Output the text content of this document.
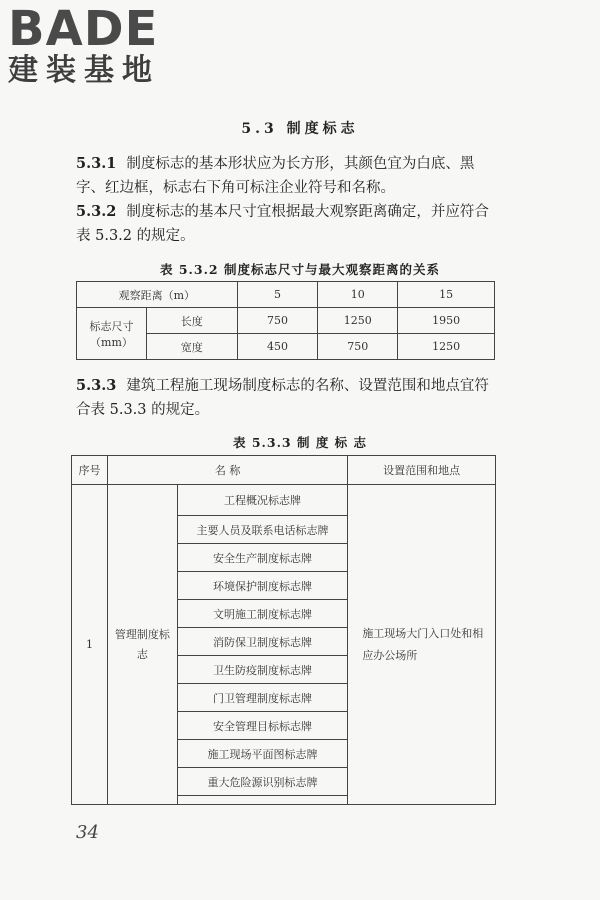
BADE
建装基地
5.3 制度标志
5.3.1 制度标志的基本形状应为长方形，其颜色宜为白底、黑字、红边框，标志右下角可标注企业符号和名称。
5.3.2 制度标志的基本尺寸宜根据最大观察距离确定，并应符合表 5.3.2 的规定。
表 5.3.2 制度标志尺寸与最大观察距离的关系
观察距离（m）		5	10	15
标志尺寸（mm）	长度	750	1250	1950
	宽度	450	750	1250
5.3.3 建筑工程施工现场制度标志的名称、设置范围和地点宜符合表 5.3.3 的规定。
表 5.3.3 制 度 标 志
序号	名 称		设置范围和地点
1	管理制度标志	工程概况标志牌	施工现场大门入口处和相应办公场所
		主要人员及联系电话标志牌	
		安全生产制度标志牌	
		环境保护制度标志牌	
		文明施工制度标志牌	
		消防保卫制度标志牌	
		卫生防疫制度标志牌	
		门卫管理制度标志牌	
		安全管理目标标志牌	
		施工现场平面图标志牌	
		重大危险源识别标志牌	

34
